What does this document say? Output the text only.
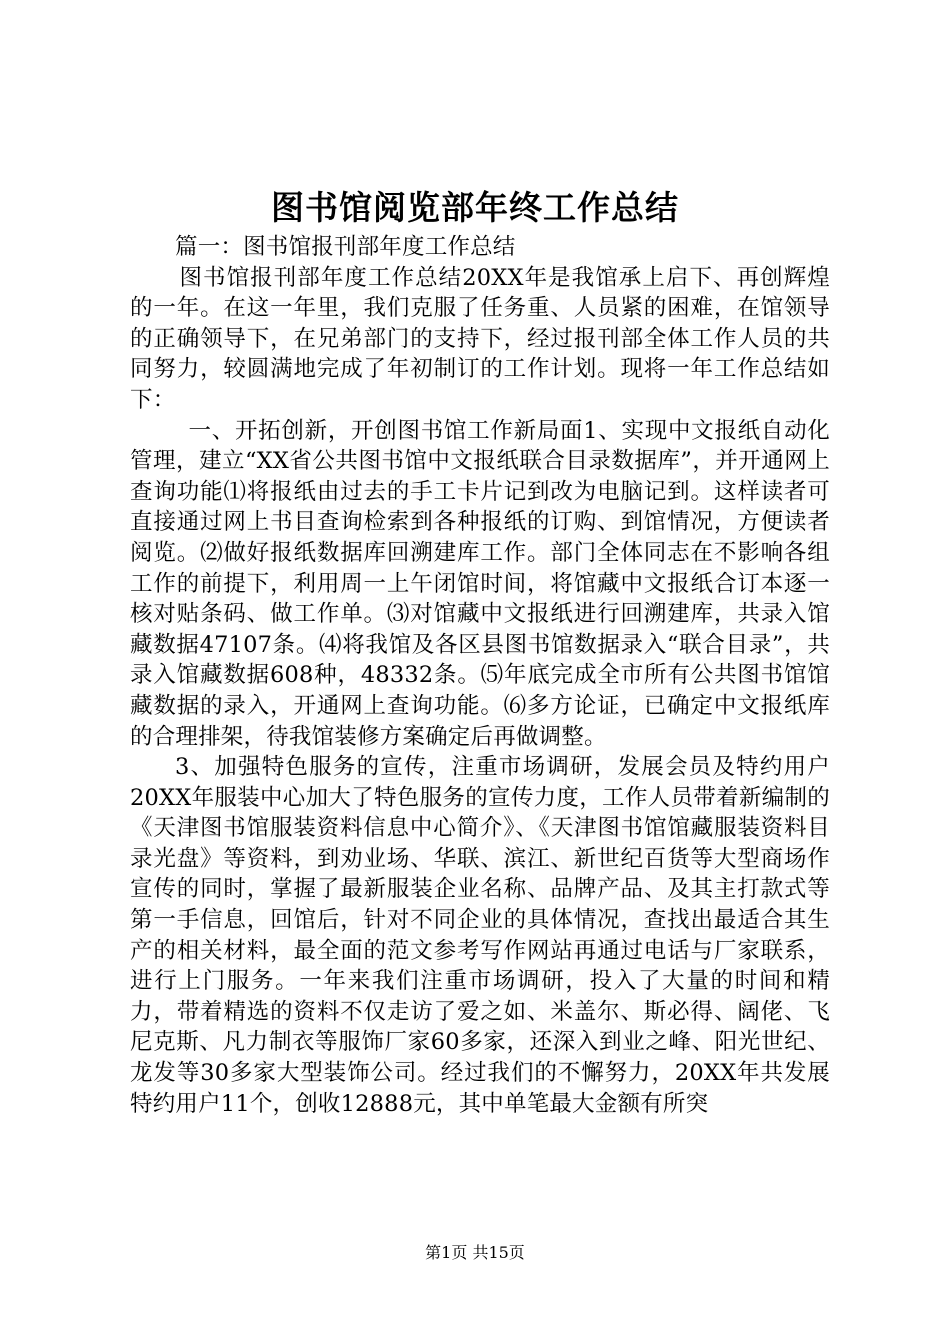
图书馆阅览部年终工作总结

篇一：图书馆报刊部年度工作总结

图书馆报刊部年度工作总结20XX年是我馆承上启下、再创辉煌的一年。在这一年里，我们克服了任务重、人员紧的困难，在馆领导的正确领导下，在兄弟部门的支持下，经过报刊部全体工作人员的共同努力，较圆满地完成了年初制订的工作计划。现将一年工作总结如下：

一、开拓创新，开创图书馆工作新局面1、实现中文报纸自动化管理，建立“XX省公共图书馆中文报纸联合目录数据库”，并开通网上查询功能⑴将报纸由过去的手工卡片记到改为电脑记到。这样读者可直接通过网上书目查询检索到各种报纸的订购、到馆情况，方便读者阅览。⑵做好报纸数据库回溯建库工作。部门全体同志在不影响各组工作的前提下，利用周一上午闭馆时间，将馆藏中文报纸合订本逐一核对贴条码、做工作单。⑶对馆藏中文报纸进行回溯建库，共录入馆藏数据47107条。⑷将我馆及各区县图书馆数据录入“联合目录”，共录入馆藏数据608种，48332条。⑸年底完成全市所有公共图书馆馆藏数据的录入，开通网上查询功能。⑹多方论证，已确定中文报纸库的合理排架，待我馆装修方案确定后再做调整。

3、加强特色服务的宣传，注重市场调研，发展会员及特约用户20XX年服装中心加大了特色服务的宣传力度，工作人员带着新编制的《天津图书馆服装资料信息中心简介》、《天津图书馆馆藏服装资料目录光盘》等资料，到劝业场、华联、滨江、新世纪百货等大型商场作宣传的同时，掌握了最新服装企业名称、品牌产品、及其主打款式等第一手信息，回馆后，针对不同企业的具体情况，查找出最适合其生产的相关材料，最全面的范文参考写作网站再通过电话与厂家联系，进行上门服务。一年来我们注重市场调研，投入了大量的时间和精力，带着精选的资料不仅走访了爱之如、米盖尔、斯必得、阔佬、飞尼克斯、凡力制衣等服饰厂家60多家，还深入到业之峰、阳光世纪、龙发等30多家大型装饰公司。经过我们的不懈努力，20XX年共发展特约用户11个，创收12888元，其中单笔最大金额有所突

第1页 共15页
